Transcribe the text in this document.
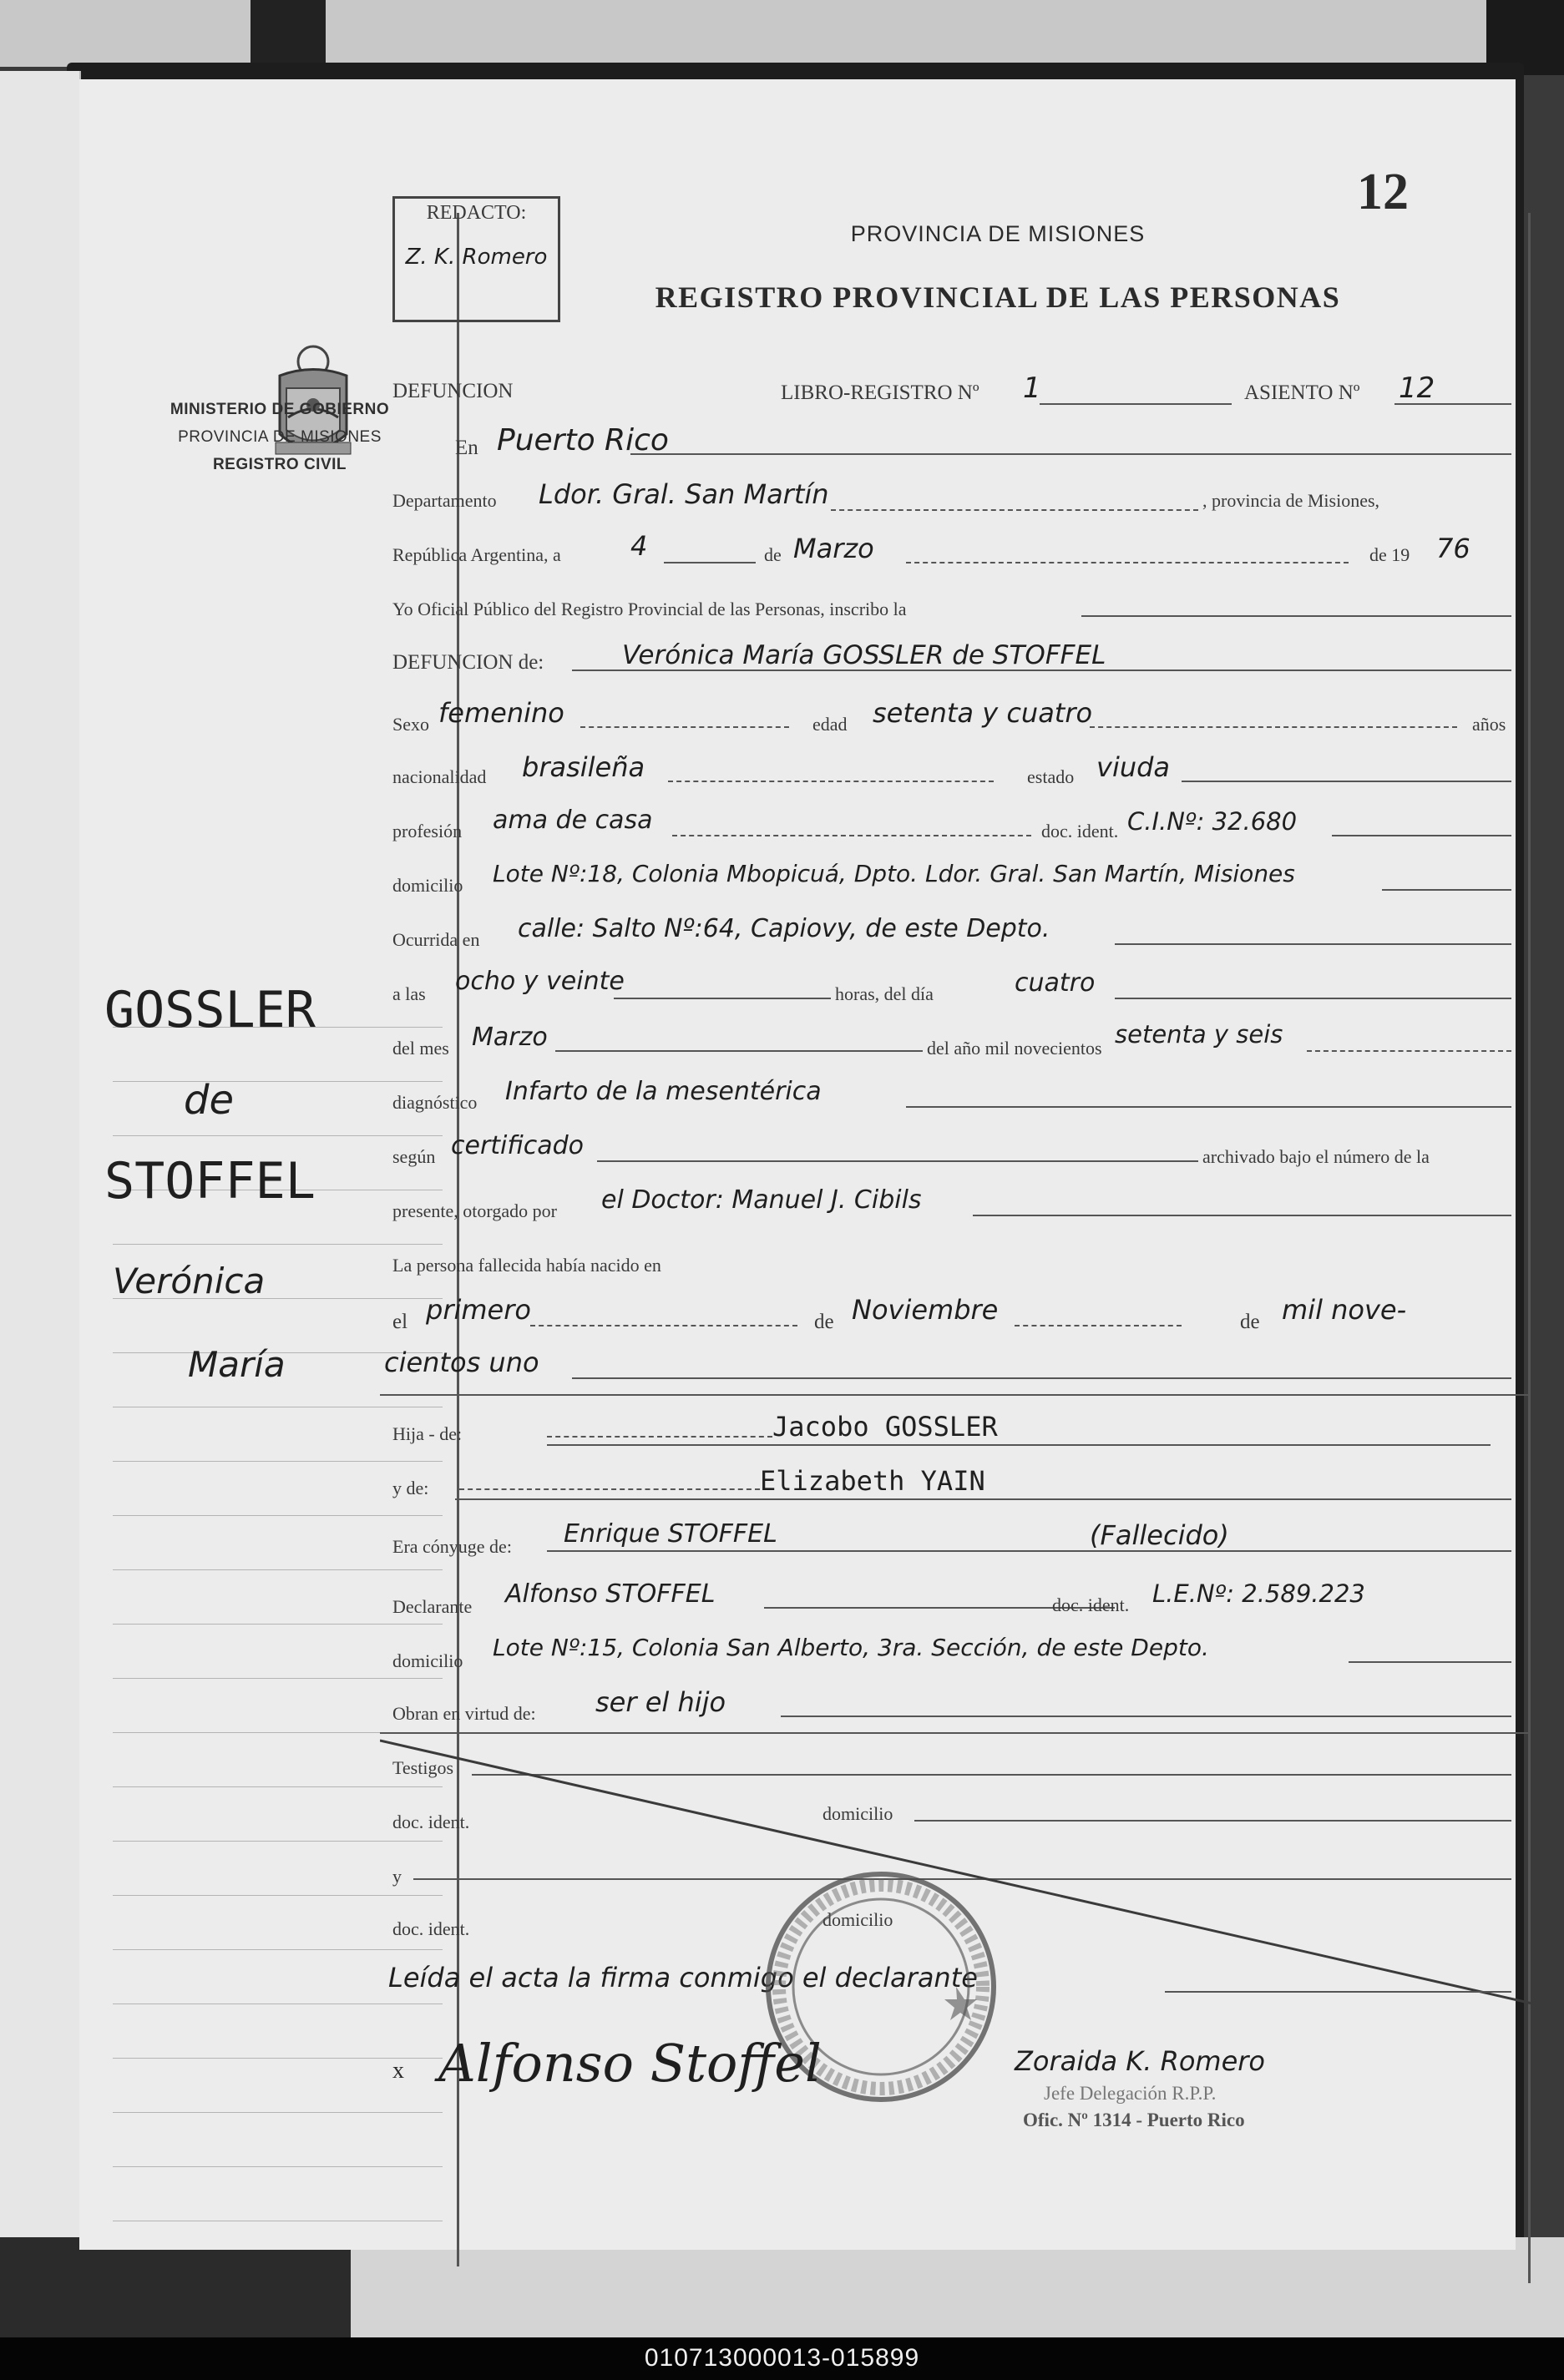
MINISTERIO DE GOBIERNO
PROVINCIA DE MISIONES
REGISTRO CIVIL
GOSSLER
de
STOFFEL
Verónica
María
REDACTO:
Z. K. Romero
12
PROVINCIA DE MISIONES
REGISTRO PROVINCIAL DE LAS PERSONAS
DEFUNCION	LIBRO-REGISTRO Nº 1	ASIENTO Nº 12
En Puerto Rico
Departamento Ldor. Gral. San Martín	, provincia de Misiones,
República Argentina, a	4	de Marzo	de 19 76
Yo Oficial Público del Registro Provincial de las Personas, inscribo la
DEFUNCION de:	Verónica María GOSSLER de STOFFEL
Sexo femenino	edad setenta y cuatro	años
nacionalidad brasileña	estado viuda
profesión ama de casa	doc. ident. C.I.Nº: 32.680
domicilio Lote Nº:18, Colonia Mbopicuá, Dpto. Ldor. Gral. San Martín, Misiones
Ocurrida en calle: Salto Nº:64, Capiovy, de este Depto.
a las ocho y veinte	horas, del día	cuatro
del mes Marzo	del año mil novecientos setenta y seis
diagnóstico Infarto de la mesentérica
según certificado	archivado bajo el número de la
presente, otorgado por el Doctor: Manuel J. Cibils
La persona fallecida había nacido en
el primero	de Noviembre	de mil nove-
cientos uno
Hija - de:	Jacobo GOSSLER
y de:	Elizabeth YAIN
Era cónyuge de: Enrique STOFFEL	(Fallecido)
Declarante Alfonso STOFFEL	doc. ident. L.E.Nº: 2.589.223
domicilio Lote Nº:15, Colonia San Alberto, 3ra. Sección, de este Depto.
Obran en virtud de: ser el hijo
Testigos
doc. ident.	domicilio
y
doc. ident.	domicilio
Leída el acta la firma conmigo el declarante
Alfonso Stoffel
x	Zoraida K. Romero
Jefe Delegación R.P.P.
Ofic. Nº 1314 - Puerto Rico
010713000013-015899
